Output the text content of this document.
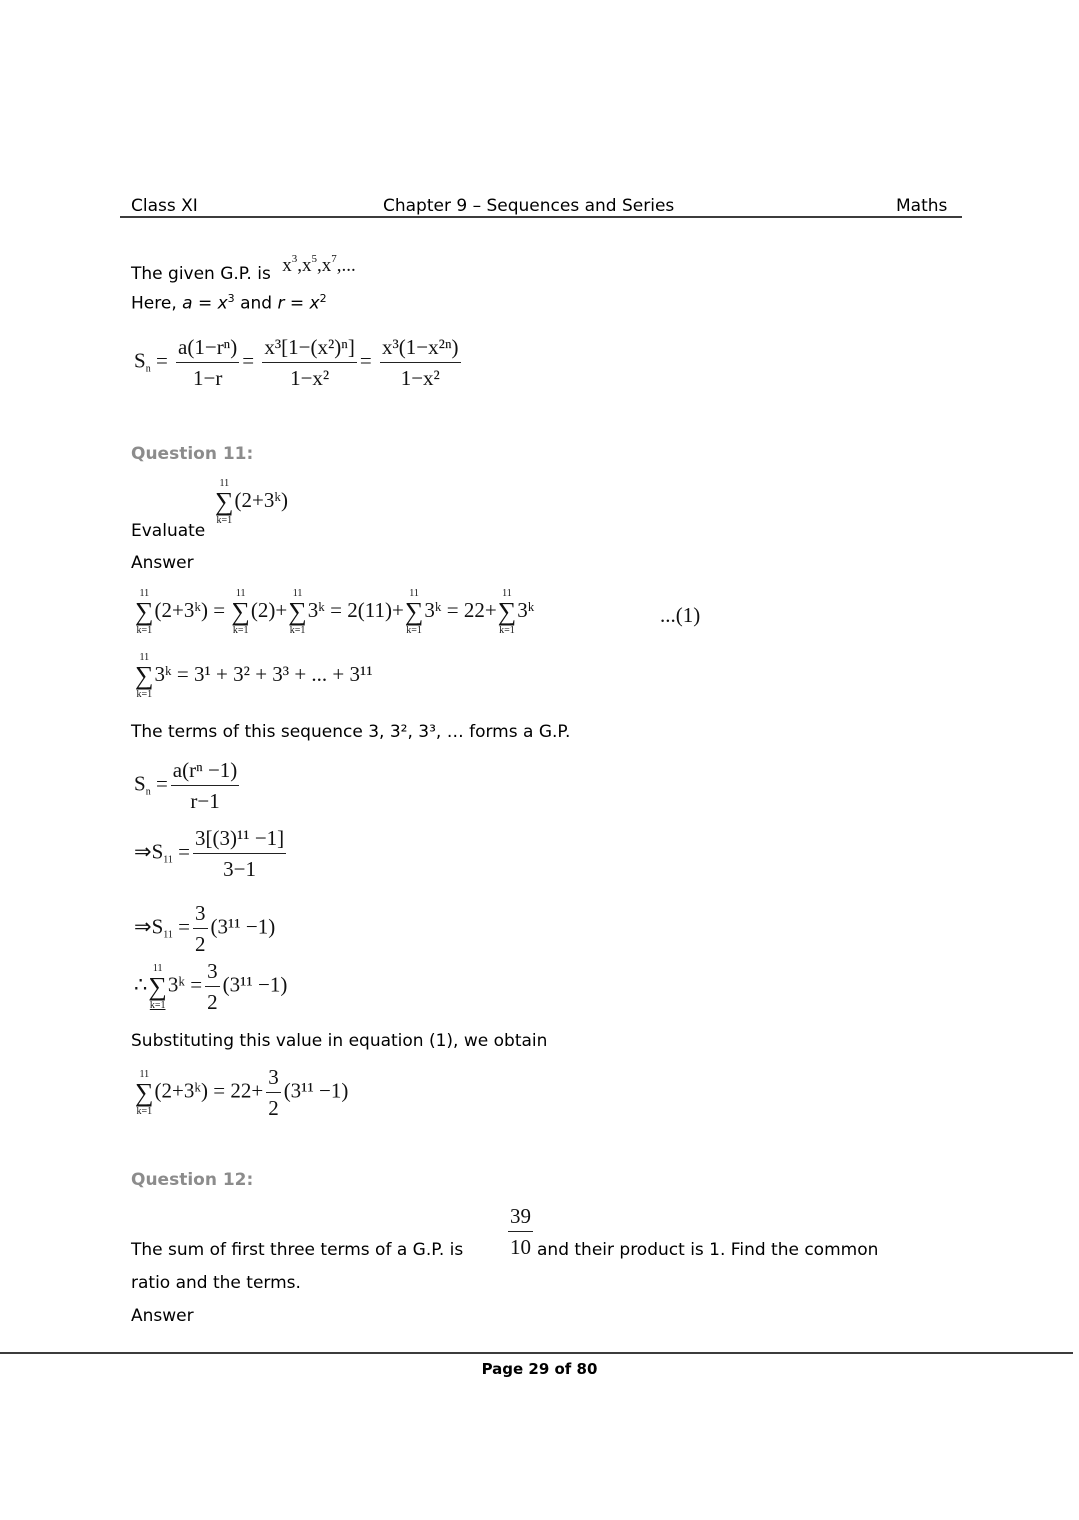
Class XI	Chapter 9 – Sequences and Series	Maths
The given G.P. is $x^3,x^5,x^7$,...
Here, $a = x^3$ and $r = x^2$
$S_n = \frac{\text{a(1−rⁿ)}}{1-r} = \frac{\text{x³[1−(x²)ⁿ]}}{\text{1−x²}} = \frac{\text{x³(1−x²ⁿ)}}{\text{1−x²}}$
Question 11:
Evaluate
11
∑
k=1
(2+3ᵏ)
Answer
11
∑
k=1
(2+3ᵏ) =
11
∑
k=1
(2)+
11
∑
k=1
3ᵏ = 2(11)+
11
∑
k=1
3ᵏ = 22+
11
∑
k=1
3ᵏ	...(1)
11
∑
k=1
3ᵏ = 3¹ + 3² + 3³ + ... + 3¹¹
The terms of this sequence 3, 3², 3³, … forms a G.P.
$S_n = \frac{\text{a(rⁿ −1)}}{r-1}$
$\Rightarrow S_{11} = \frac{\text{3[(3)¹¹ −1]}}{3-1}$
$\Rightarrow S_{11} = \frac{3}{2} (3^{11} -1)$
∴
11
∑
k=1
3ᵏ = $\frac{3}{2} (3^{11} -1)$
Substituting this value in equation (1), we obtain
11
∑
k=1
(2+3ᵏ) = $22+ \frac{3}{2} (3^{11} -1)$
Question 12:
The sum of first three terms of a G.P. is $\frac{39}{10}$ and their product is 1. Find the common
ratio and the terms.
Answer
Page 29 of 80
